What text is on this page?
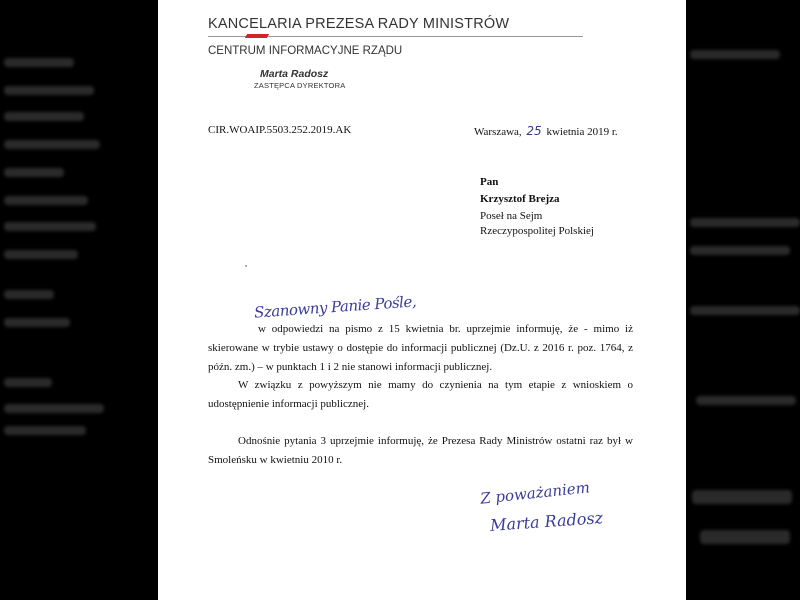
KANCELARIA PREZESA RADY MINISTRÓW
CENTRUM INFORMACYJNE RZĄDU
Marta Radosz
ZASTĘPCA DYREKTORA
CIR.WOAIP.5503.252.2019.AK	Warszawa, 25 kwietnia 2019 r.
Pan
Krzysztof Brejza
Poseł na Sejm
Rzeczypospolitej Polskiej
Szanowny Panie Pośle,
w odpowiedzi na pismo z 15 kwietnia br. uprzejmie informuję, że - mimo iż skierowane w trybie ustawy o dostępie do informacji publicznej (Dz.U. z 2016 r. poz. 1764, z późn. zm.) – w punktach 1 i 2 nie stanowi informacji publicznej.
W związku z powyższym nie mamy do czynienia na tym etapie z wnioskiem o udostępnienie informacji publicznej.
Odnośnie pytania 3 uprzejmie informuję, że Prezesa Rady Ministrów ostatni raz był w Smoleńsku w kwietniu 2010 r.
Z poważaniem
Marta Radosz
